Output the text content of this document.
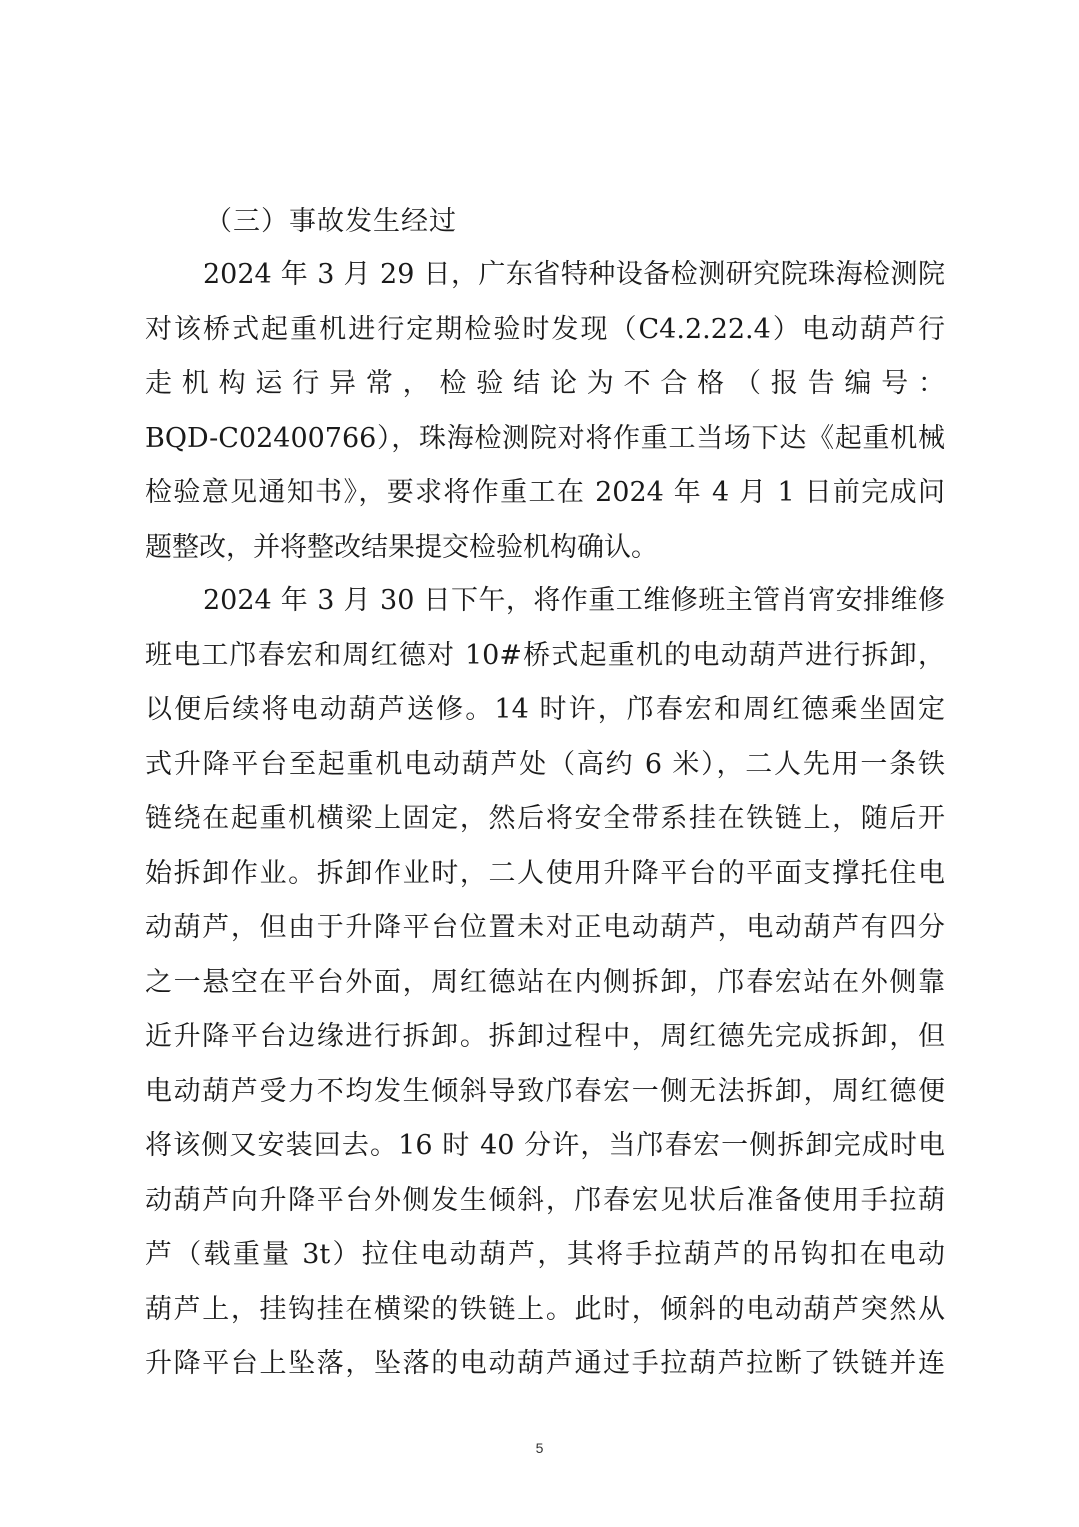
（三）事故发生经过
2024 年 3 月 29 日，广东省特种设备检测研究院珠海检测院
对该桥式起重机进行定期检验时发现（C4.2.22.4）电动葫芦行
走机构运行异常，检验结论为不合格（报告编号：
BQD-C02400766），珠海检测院对将作重工当场下达《起重机械
检验意见通知书》，要求将作重工在 2024 年 4 月 1 日前完成问
题整改，并将整改结果提交检验机构确认。
2024 年 3 月 30 日下午，将作重工维修班主管肖宵安排维修
班电工邝春宏和周红德对 10#桥式起重机的电动葫芦进行拆卸，
以便后续将电动葫芦送修。14 时许，邝春宏和周红德乘坐固定
式升降平台至起重机电动葫芦处（高约 6 米），二人先用一条铁
链绕在起重机横梁上固定，然后将安全带系挂在铁链上，随后开
始拆卸作业。拆卸作业时，二人使用升降平台的平面支撑托住电
动葫芦，但由于升降平台位置未对正电动葫芦，电动葫芦有四分
之一悬空在平台外面，周红德站在内侧拆卸，邝春宏站在外侧靠
近升降平台边缘进行拆卸。拆卸过程中，周红德先完成拆卸，但
电动葫芦受力不均发生倾斜导致邝春宏一侧无法拆卸，周红德便
将该侧又安装回去。16 时 40 分许，当邝春宏一侧拆卸完成时电
动葫芦向升降平台外侧发生倾斜，邝春宏见状后准备使用手拉葫
芦（载重量 3t）拉住电动葫芦，其将手拉葫芦的吊钩扣在电动
葫芦上，挂钩挂在横梁的铁链上。此时，倾斜的电动葫芦突然从
升降平台上坠落，坠落的电动葫芦通过手拉葫芦拉断了铁链并连
5
